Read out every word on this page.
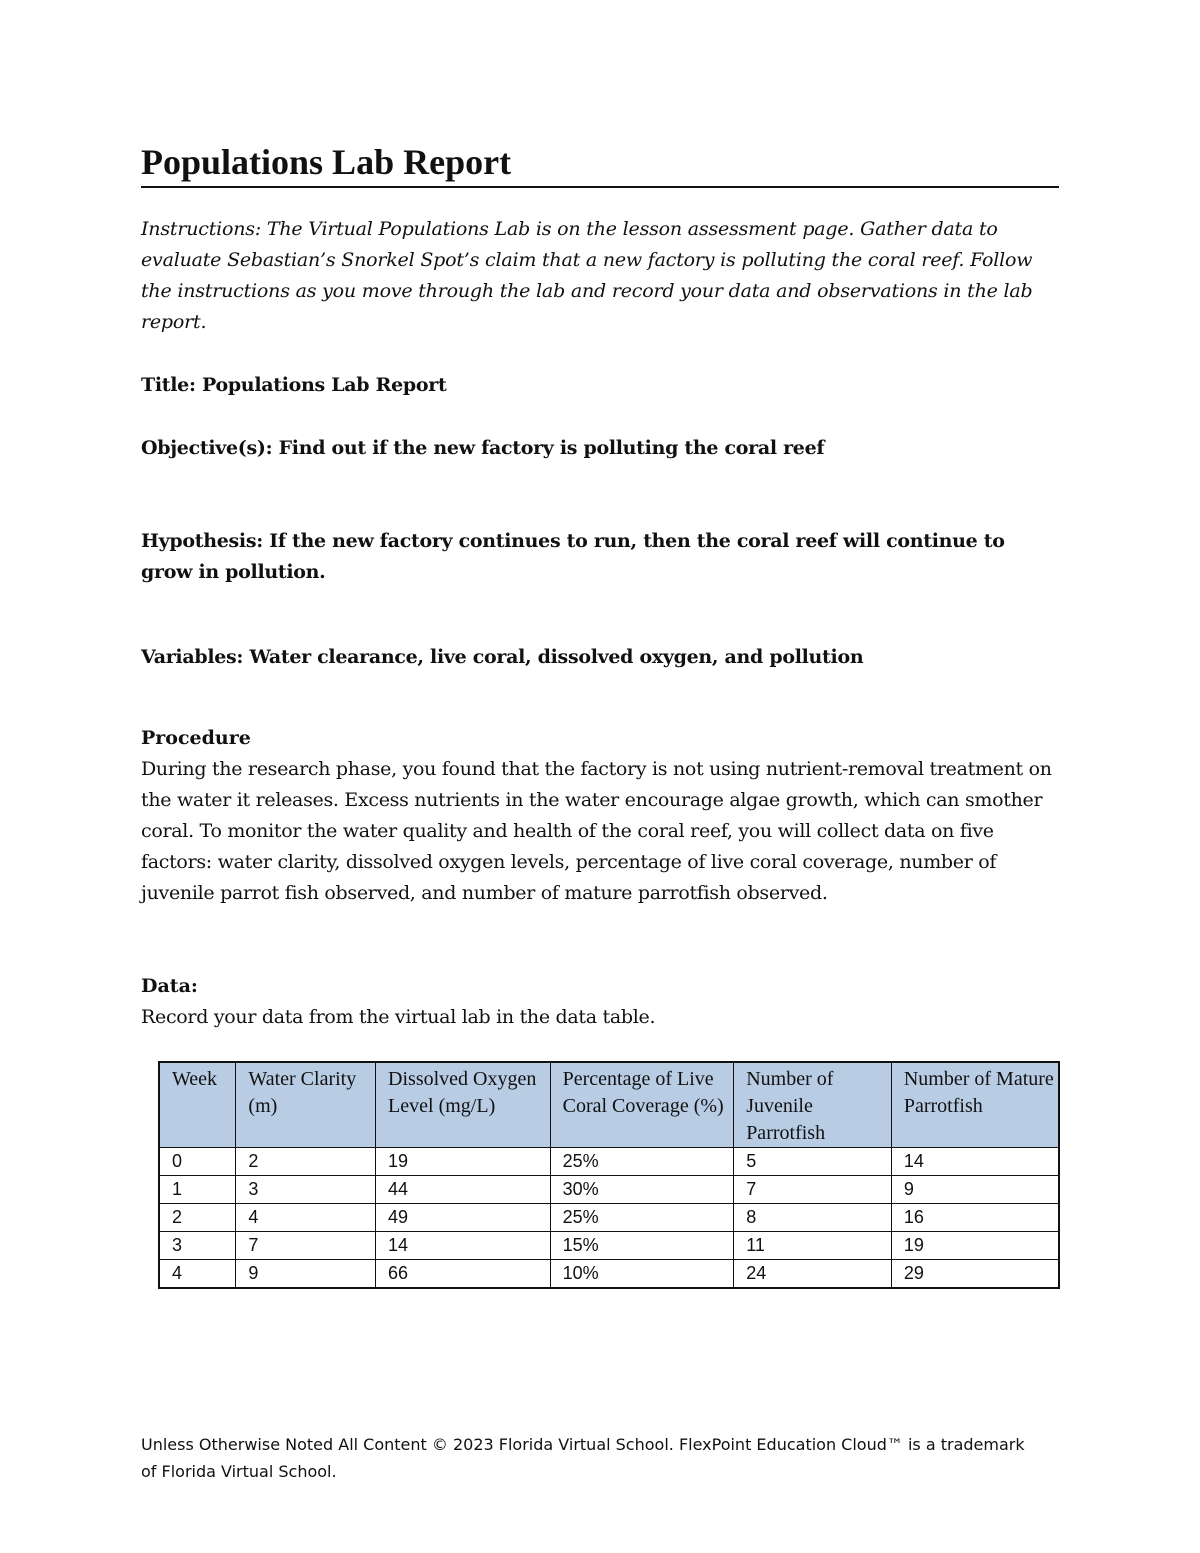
Populations Lab Report

Instructions: The Virtual Populations Lab is on the lesson assessment page. Gather data to evaluate Sebastian’s Snorkel Spot’s claim that a new factory is polluting the coral reef. Follow the instructions as you move through the lab and record your data and observations in the lab report.

Title: Populations Lab Report

Objective(s): Find out if the new factory is polluting the coral reef

Hypothesis: If the new factory continues to run, then the coral reef will continue to grow in pollution.

Variables: Water clearance, live coral, dissolved oxygen, and pollution

Procedure

During the research phase, you found that the factory is not using nutrient-removal treatment on the water it releases. Excess nutrients in the water encourage algae growth, which can smother coral. To monitor the water quality and health of the coral reef, you will collect data on five factors: water clarity, dissolved oxygen levels, percentage of live coral coverage, number of juvenile parrot fish observed, and number of mature parrotfish observed.

Data:

Record your data from the virtual lab in the data table.

Week	Water Clarity (m)	Dissolved Oxygen Level (mg/L)	Percentage of Live Coral Coverage (%)	Number of Juvenile Parrotfish	Number of Mature Parrotfish
0	2	19	25%	5	14
1	3	44	30%	7	9
2	4	49	25%	8	16
3	7	14	15%	11	19
4	9	66	10%	24	29
Unless Otherwise Noted All Content © 2023 Florida Virtual School. FlexPoint Education Cloud™ is a trademark of Florida Virtual School.
